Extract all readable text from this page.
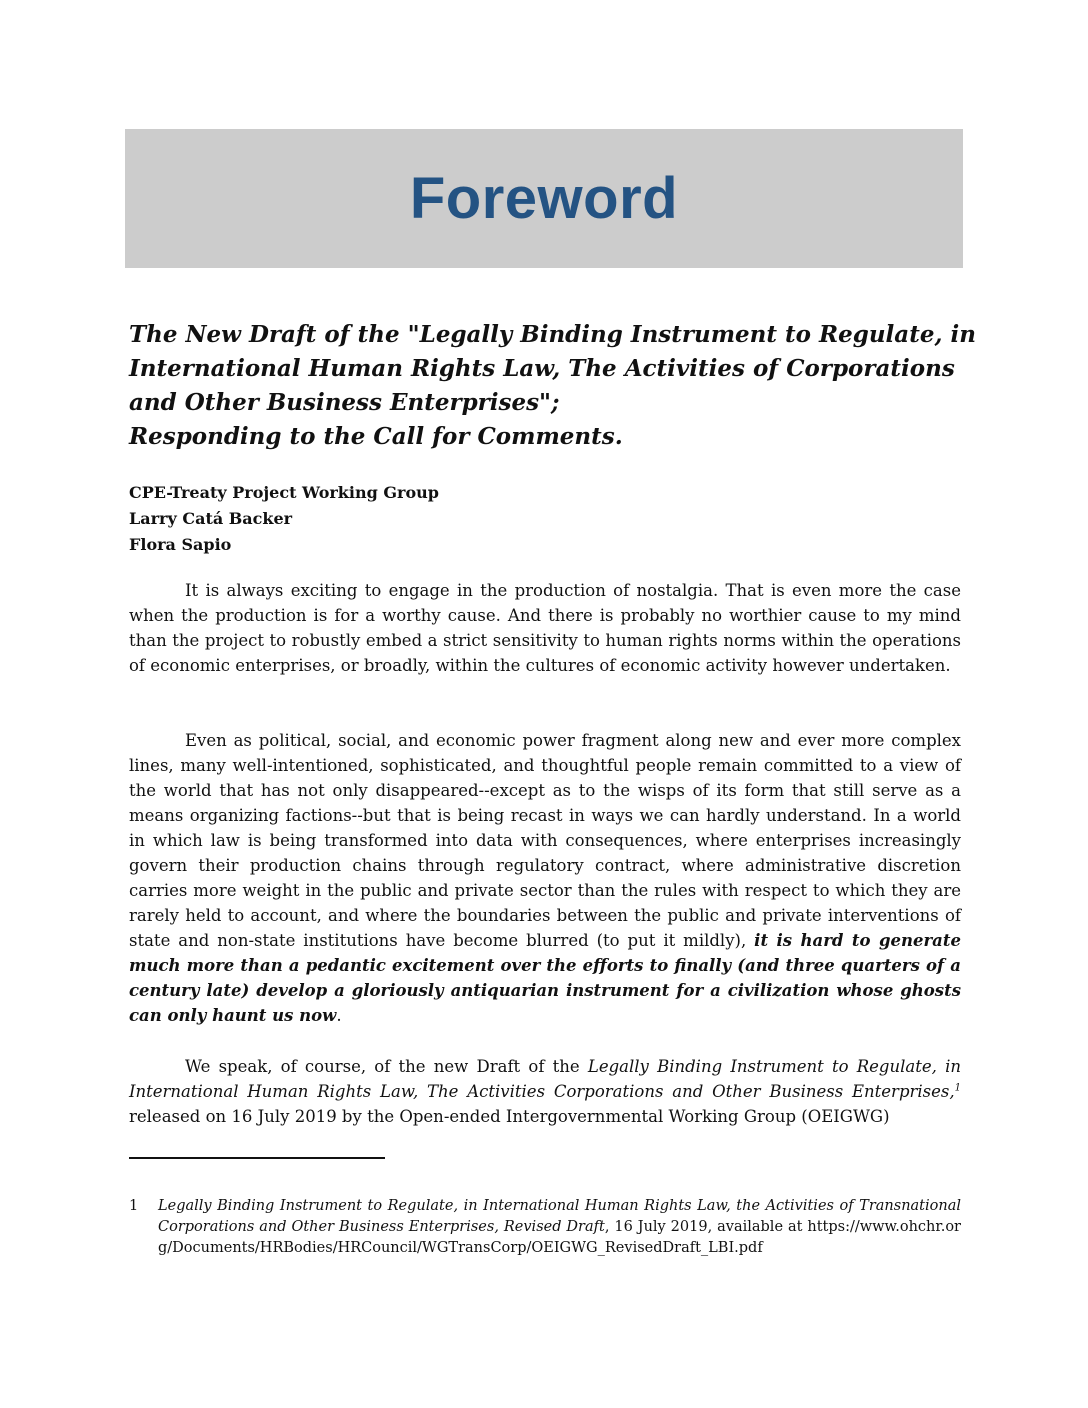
Foreword
The New Draft of the "Legally Binding Instrument to Regulate, in
International Human Rights Law, The Activities of Corporations
and Other Business Enterprises";
Responding to the Call for Comments.
CPE-Treaty Project Working Group
Larry Catá Backer
Flora Sapio
It is always exciting to engage in the production of nostalgia. That is even more the case when the production is for a worthy cause. And there is probably no worthier cause to my mind than the project to robustly embed a strict sensitivity to human rights norms within the operations of economic enterprises, or broadly, within the cultures of economic activity however undertaken.
Even as political, social, and economic power fragment along new and ever more complex lines, many well-intentioned, sophisticated, and thoughtful people remain committed to a view of the world that has not only disappeared--except as to the wisps of its form that still serve as a means organizing factions--but that is being recast in ways we can hardly understand. In a world in which law is being transformed into data with consequences, where enterprises increasingly govern their production chains through regulatory contract, where administrative discretion carries more weight in the public and private sector than the rules with respect to which they are rarely held to account, and where the boundaries between the public and private interventions of state and non-state institutions have become blurred (to put it mildly), it is hard to generate much more than a pedantic excitement over the efforts to finally (and three quarters of a century late) develop a gloriously antiquarian instrument for a civilization whose ghosts can only haunt us now.
We speak, of course, of the new Draft of the Legally Binding Instrument to Regulate, in International Human Rights Law, The Activities Corporations and Other Business Enterprises,$^1$ released on 16 July 2019 by the Open-ended Intergovernmental Working Group (OEIGWG)
1 Legally Binding Instrument to Regulate, in International Human Rights Law, the Activities of Transnational Corporations and Other Business Enterprises, Revised Draft, 16 July 2019, available at https://www.ohchr.org/Documents/HRBodies/HRCouncil/WGTransCorp/OEIGWG_RevisedDraft_LBI.pdf
